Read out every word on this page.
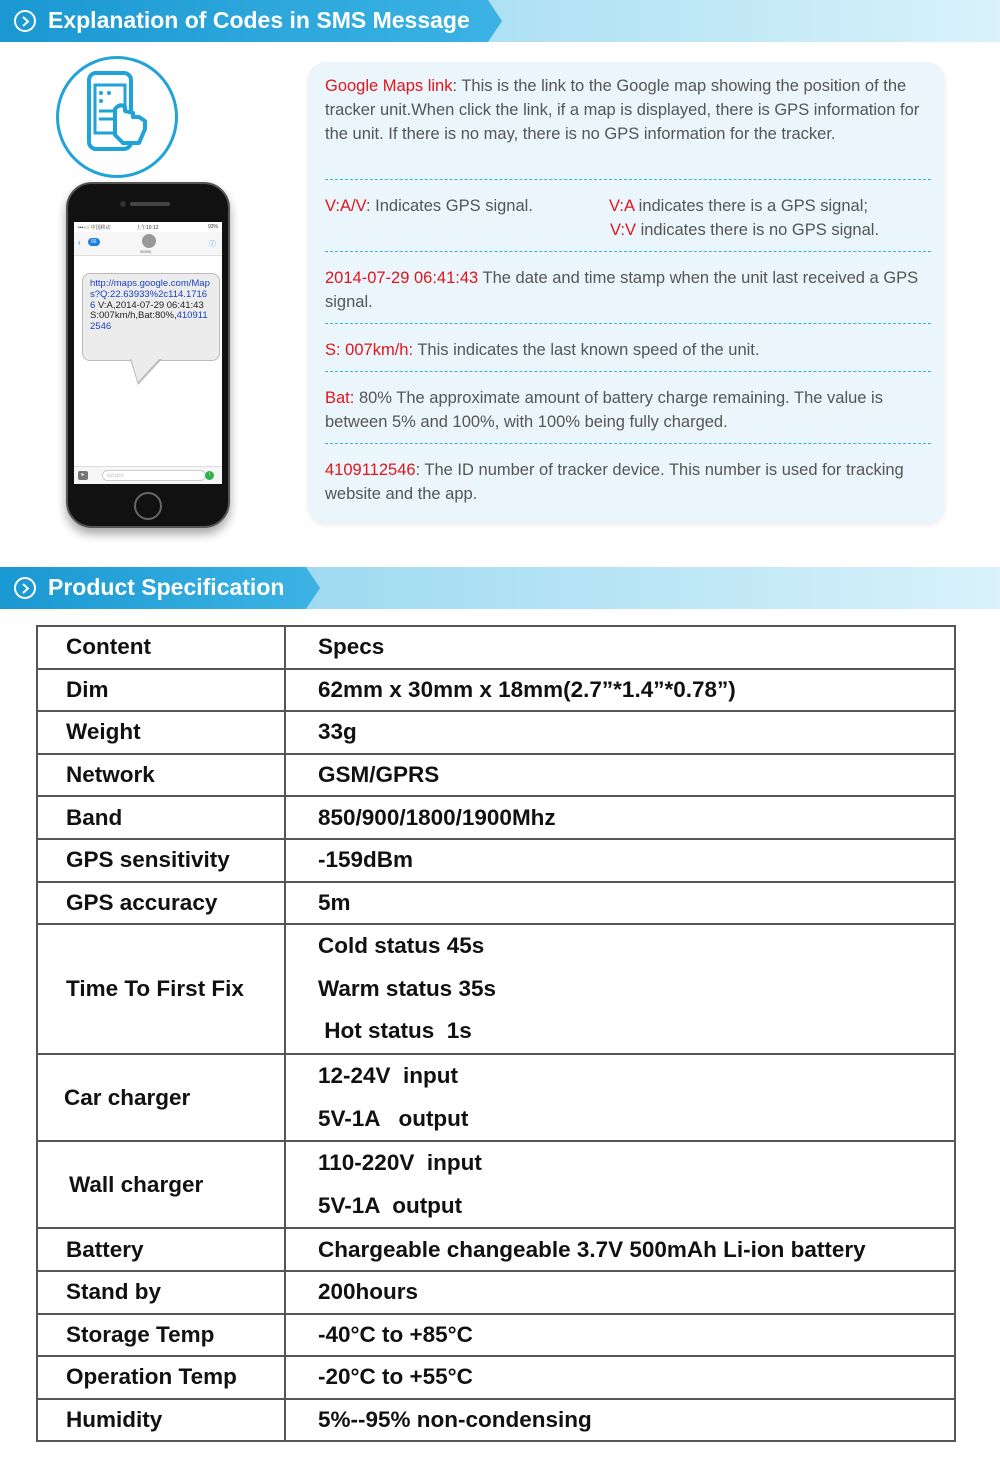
Explanation of Codes in SMS Message
•••○○ 中国移动	上午10:12	93%
‹	66
55555
ⓘ
http://maps.google.com/Maps?Q:22.63933%2c114.17166 V:A,2014-07-29 06:41:43 S:007km/h,Bat:80%,4109112546
▸	短信/彩信	↑
Google Maps link: This is the link to the Google map showing the position of the tracker unit.When click the link, if a map is displayed, there is GPS information for the unit. If there is no may, there is no GPS information for the tracker.
V:A/V: Indicates GPS signal.	V:A indicates there is a GPS signal;
V:V indicates there is no GPS signal.
2014-07-29 06:41:43 The date and time stamp when the unit last received a GPS signal.
S: 007km/h: This indicates the last known speed of the unit.
Bat: 80% The approximate amount of battery charge remaining. The value is between 5% and 100%, with 100% being fully charged.
4109112546: The ID number of tracker device. This number is used for tracking website and the app.
Product Specification
Content	Specs
Dim	62mm x 30mm x 18mm(2.7”*1.4”*0.78”)
Weight	33g
Network	GSM/GPRS
Band	850/900/1800/1900Mhz
GPS sensitivity	-159dBm
GPS accuracy	5m
Time To First Fix	Cold status 45s
Warm status 35s
Hot status  1s

Car charger	12-24V  input
5V-1A   output

Wall charger	110-220V  input
5V-1A  output

Battery	Chargeable changeable 3.7V 500mAh Li-ion battery
Stand by	200hours
Storage Temp	-40°C to +85°C
Operation Temp	-20°C to +55°C
Humidity	5%--95% non-condensing
